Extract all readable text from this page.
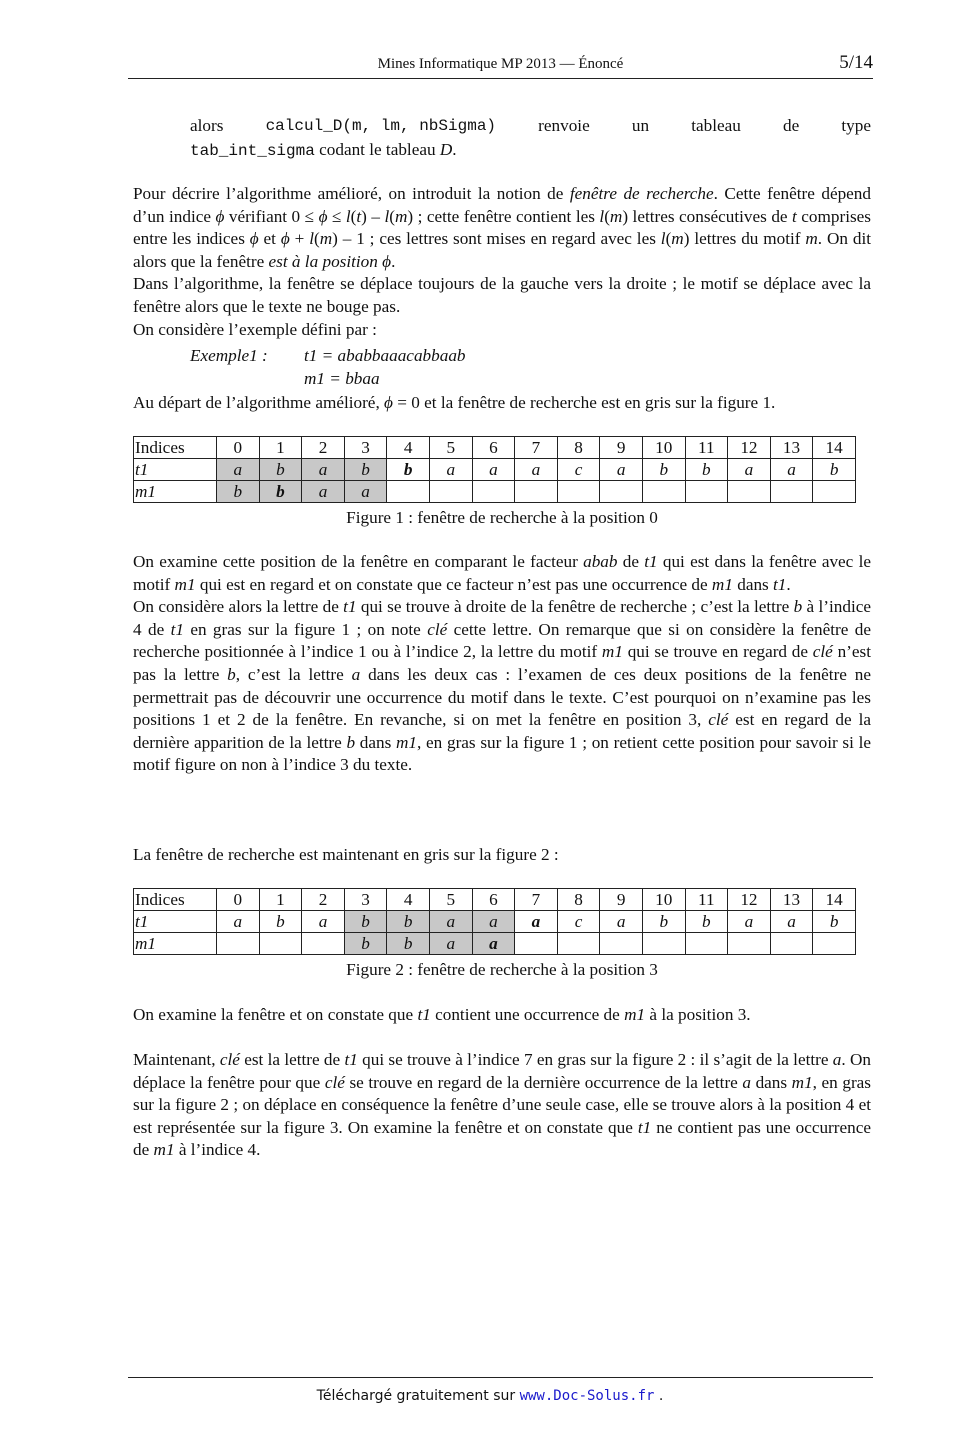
Mines Informatique MP 2013 — Énoncé	5/14
alors	calcul_D(m, lm, nbSigma) renvoie un tableau de type
tab_int_sigma codant le tableau D.

Pour décrire l’algorithme amélioré, on introduit la notion de fenêtre de recherche. Cette fenêtre dépend d’un indice ϕ vérifiant 0 ≤ ϕ ≤ l(t) – l(m) ; cette fenêtre contient les l(m) lettres consécutives de t comprises entre les indices ϕ et ϕ + l(m) – 1 ; ces lettres sont mises en regard avec les l(m) lettres du motif m. On dit alors que la fenêtre est à la position ϕ.

Dans l’algorithme, la fenêtre se déplace toujours de la gauche vers la droite ; le motif se déplace avec la fenêtre alors que le texte ne bouge pas.

On considère l’exemple défini par :

Exemple1 : t1 = ababbaaacabbaab
m1 = bbaa

Au départ de l’algorithme amélioré, ϕ = 0 et la fenêtre de recherche est en gris sur la figure 1.

Indices	0	1	2	3	4	5	6	7	8	9	10	11	12	13	14
t1	a	b	a	b	b	a	a	a	c	a	b	b	a	a	b
m1	b	b	a	a											
Figure 1 : fenêtre de recherche à la position 0

On examine cette position de la fenêtre en comparant le facteur abab de t1 qui est dans la fenêtre avec le motif m1 qui est en regard et on constate que ce facteur n’est pas une occurrence de m1 dans t1.

On considère alors la lettre de t1 qui se trouve à droite de la fenêtre de recherche ; c’est la lettre b à l’indice 4 de t1 en gras sur la figure 1 ; on note clé cette lettre. On remarque que si on considère la fenêtre de recherche positionnée à l’indice 1 ou à l’indice 2, la lettre du motif m1 qui se trouve en regard de clé n’est pas la lettre b, c’est la lettre a dans les deux cas : l’examen de ces deux positions de la fenêtre ne permettrait pas de découvrir une occurrence du motif dans le texte. C’est pourquoi on n’examine pas les positions 1 et 2 de la fenêtre. En revanche, si on met la fenêtre en position 3, clé est en regard de la dernière apparition de la lettre b dans m1, en gras sur la figure 1 ; on retient cette position pour savoir si le motif figure on non à l’indice 3 du texte.

La fenêtre de recherche est maintenant en gris sur la figure 2 :

Indices	0	1	2	3	4	5	6	7	8	9	10	11	12	13	14
t1	a	b	a	b	b	a	a	a	c	a	b	b	a	a	b
m1				b	b	a	a								
Figure 2 : fenêtre de recherche à la position 3

On examine la fenêtre et on constate que t1 contient une occurrence de m1 à la position 3.

Maintenant, clé est la lettre de t1 qui se trouve à l’indice 7 en gras sur la figure 2 : il s’agit de la lettre a. On déplace la fenêtre pour que clé se trouve en regard de la dernière occurrence de la lettre a dans m1, en gras sur la figure 2 ; on déplace en conséquence la fenêtre d’une seule case, elle se trouve alors à la position 4 et est représentée sur la figure 3. On examine la fenêtre et on constate que t1 ne contient pas une occurrence de m1 à l’indice 4.

Téléchargé gratuitement sur www.Doc-Solus.fr .
